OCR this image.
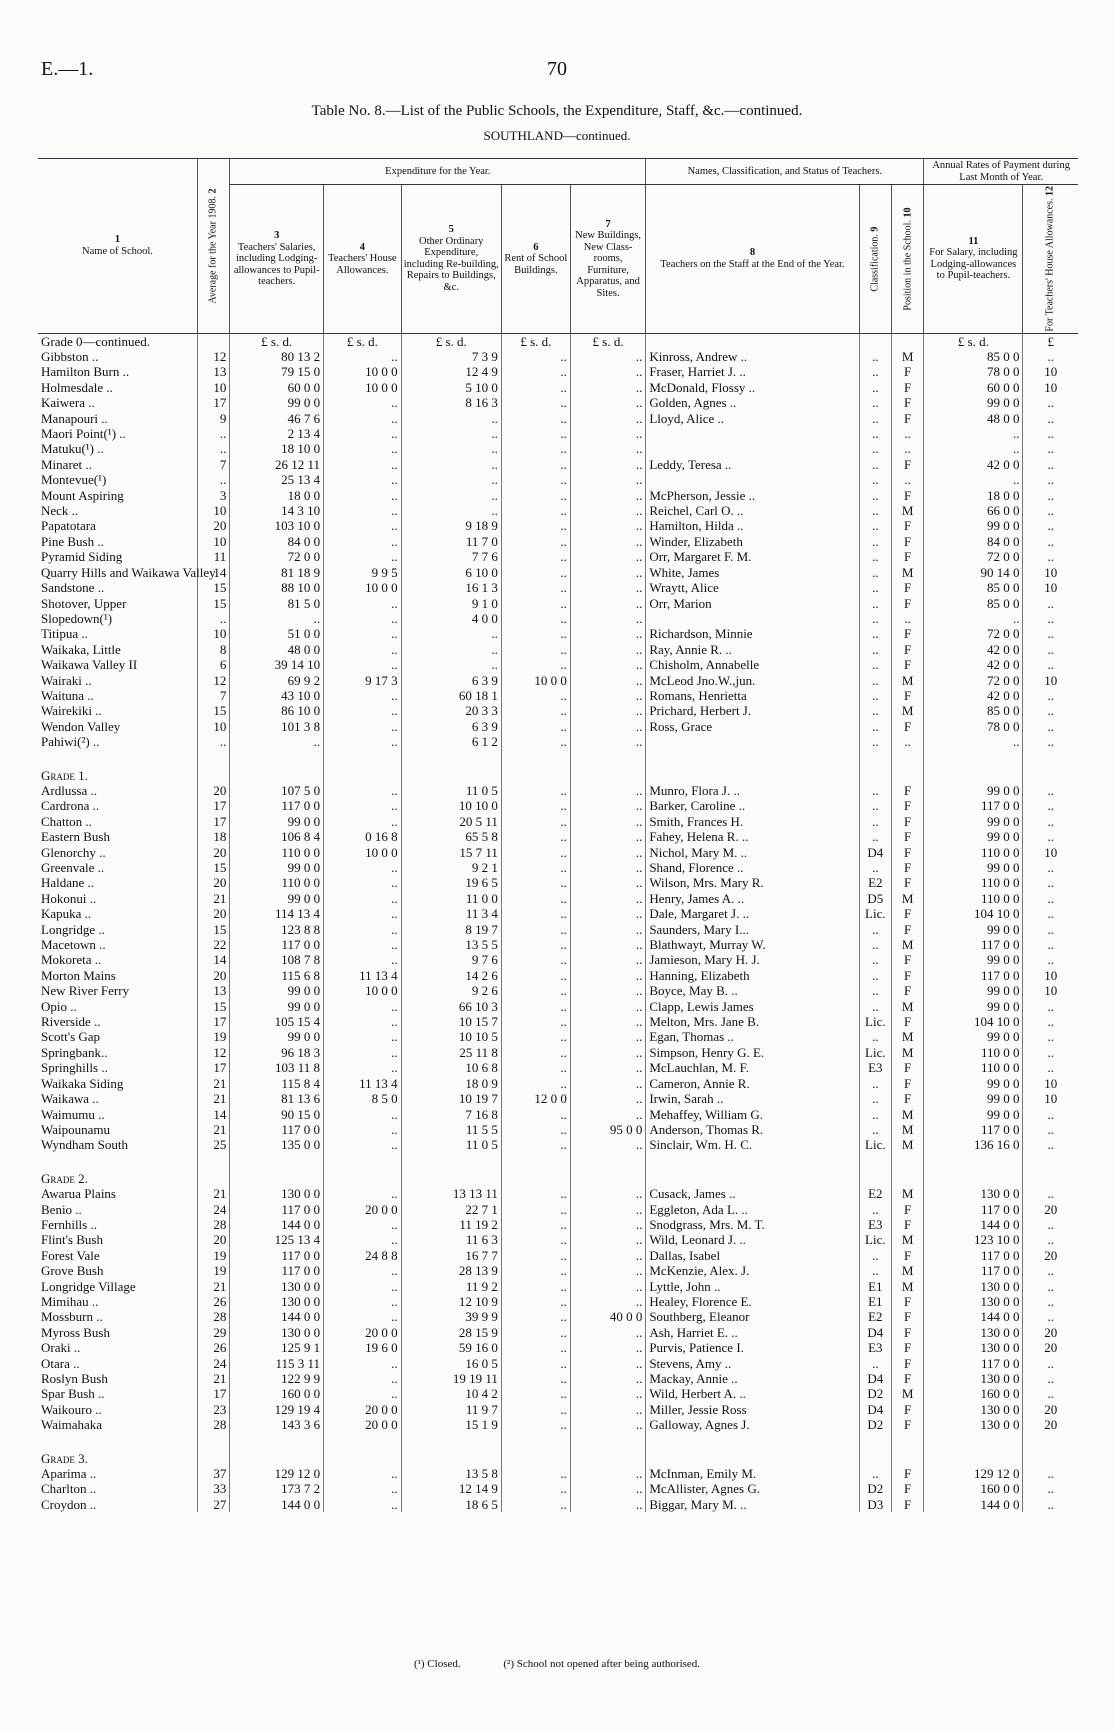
E.—1.	70
Table No. 8.—List of the Public Schools, the Expenditure, Staff, &c.—continued.
SOUTHLAND—continued.
1
Name of School.	Average for the Year 1908. 2	Expenditure for the Year.					Names, Classification, and Status of Teachers.			Annual Rates of Payment during Last Month of Year.	

		3
Teachers' Salaries, including Lodging-allowances to Pupil-teachers.	4
Teachers' House Allowances.	5
Other Ordinary Expenditure, including Re-building, Repairs to Buildings, &c.	6
Rent of School Buildings.	7
New Buildings, New Class-rooms, Furniture, Apparatus, and Sites.	8
Teachers on the Staff at the End of the Year.	Classification. 9	Position in the School. 10	11
For Salary, including Lodging-allowances to Pupil-teachers.	For Teachers' House Allowances. 12
Grade 0—continued.		£ s. d.	£ s. d.	£ s. d.	£ s. d.	£ s. d.				£ s. d.	£
Gibbston ..	12	80 13 2	..	7 3 9	..	..	Kinross, Andrew ..	..	M	85 0 0	..
Hamilton Burn ..	13	79 15 0	10 0 0	12 4 9	..	..	Fraser, Harriet J. ..	..	F	78 0 0	10
Holmesdale ..	10	60 0 0	10 0 0	5 10 0	..	..	McDonald, Flossy ..	..	F	60 0 0	10
Kaiwera ..	17	99 0 0	..	8 16 3	..	..	Golden, Agnes ..	..	F	99 0 0	..
Manapouri ..	9	46 7 6	..	..	..	..	Lloyd, Alice ..	..	F	48 0 0	..
Maori Point(¹) ..	..	2 13 4	..	..	..	..		..	..	..	..
Matuku(¹) ..	..	18 10 0	..	..	..	..		..	..	..	..
Minaret ..	7	26 12 11	..	..	..	..	Leddy, Teresa ..	..	F	42 0 0	..
Montevue(¹)	..	25 13 4	..	..	..	..		..	..	..	..
Mount Aspiring	3	18 0 0	..	..	..	..	McPherson, Jessie ..	..	F	18 0 0	..
Neck ..	10	14 3 10	..	..	..	..	Reichel, Carl O. ..	..	M	66 0 0	..
Papatotara	20	103 10 0	..	9 18 9	..	..	Hamilton, Hilda ..	..	F	99 0 0	..
Pine Bush ..	10	84 0 0	..	11 7 0	..	..	Winder, Elizabeth	..	F	84 0 0	..
Pyramid Siding	11	72 0 0	..	7 7 6	..	..	Orr, Margaret F. M.	..	F	72 0 0	..
Quarry Hills and Waikawa Valley	14	81 18 9	9 9 5	6 10 0	..	..	White, James	..	M	90 14 0	10
Sandstone ..	15	88 10 0	10 0 0	16 1 3	..	..	Wraytt, Alice	..	F	85 0 0	10
Shotover, Upper	15	81 5 0	..	9 1 0	..	..	Orr, Marion	..	F	85 0 0	..
Slopedown(¹)	..	..	..	4 0 0	..	..		..	..	..	..
Titipua ..	10	51 0 0	..	..	..	..	Richardson, Minnie	..	F	72 0 0	..
Waikaka, Little	8	48 0 0	..	..	..	..	Ray, Annie R. ..	..	F	42 0 0	..
Waikawa Valley II	6	39 14 10	..	..	..	..	Chisholm, Annabelle	..	F	42 0 0	..
Wairaki ..	12	69 9 2	9 17 3	6 3 9	10 0 0	..	McLeod Jno.W.,jun.	..	M	72 0 0	10
Waituna ..	7	43 10 0	..	60 18 1	..	..	Romans, Henrietta	..	F	42 0 0	..
Wairekiki ..	15	86 10 0	..	20 3 3	..	..	Prichard, Herbert J.	..	M	85 0 0	..
Wendon Valley	10	101 3 8	..	6 3 9	..	..	Ross, Grace	..	F	78 0 0	..
Pahiwi(²) ..	..	..	..	6 1 2	..	..		..	..	..	..

Grade 1.											
Ardlussa ..	20	107 5 0	..	11 0 5	..	..	Munro, Flora J. ..	..	F	99 0 0	..
Cardrona ..	17	117 0 0	..	10 10 0	..	..	Barker, Caroline ..	..	F	117 0 0	..
Chatton ..	17	99 0 0	..	20 5 11	..	..	Smith, Frances H.	..	F	99 0 0	..
Eastern Bush	18	106 8 4	0 16 8	65 5 8	..	..	Fahey, Helena R. ..	..	F	99 0 0	..
Glenorchy ..	20	110 0 0	10 0 0	15 7 11	..	..	Nichol, Mary M. ..	D4	F	110 0 0	10
Greenvale ..	15	99 0 0	..	9 2 1	..	..	Shand, Florence ..	..	F	99 0 0	..
Haldane ..	20	110 0 0	..	19 6 5	..	..	Wilson, Mrs. Mary R.	E2	F	110 0 0	..
Hokonui ..	21	99 0 0	..	11 0 0	..	..	Henry, James A. ..	D5	M	110 0 0	..
Kapuka ..	20	114 13 4	..	11 3 4	..	..	Dale, Margaret J. ..	Lic.	F	104 10 0	..
Longridge ..	15	123 8 8	..	8 19 7	..	..	Saunders, Mary I...	..	F	99 0 0	..
Macetown ..	22	117 0 0	..	13 5 5	..	..	Blathwayt, Murray W.	..	M	117 0 0	..
Mokoreta ..	14	108 7 8	..	9 7 6	..	..	Jamieson, Mary H. J.	..	F	99 0 0	..
Morton Mains	20	115 6 8	11 13 4	14 2 6	..	..	Hanning, Elizabeth	..	F	117 0 0	10
New River Ferry	13	99 0 0	10 0 0	9 2 6	..	..	Boyce, May B. ..	..	F	99 0 0	10
Opio ..	15	99 0 0	..	66 10 3	..	..	Clapp, Lewis James	..	M	99 0 0	..
Riverside ..	17	105 15 4	..	10 15 7	..	..	Melton, Mrs. Jane B.	Lic.	F	104 10 0	..
Scott's Gap	19	99 0 0	..	10 10 5	..	..	Egan, Thomas ..	..	M	99 0 0	..
Springbank..	12	96 18 3	..	25 11 8	..	..	Simpson, Henry G. E.	Lic.	M	110 0 0	..
Springhills ..	17	103 11 8	..	10 6 8	..	..	McLauchlan, M. F.	E3	F	110 0 0	..
Waikaka Siding	21	115 8 4	11 13 4	18 0 9	..	..	Cameron, Annie R.	..	F	99 0 0	10
Waikawa ..	21	81 13 6	8 5 0	10 19 7	12 0 0	..	Irwin, Sarah ..	..	F	99 0 0	10
Waimumu ..	14	90 15 0	..	7 16 8	..	..	Mehaffey, William G.	..	M	99 0 0	..
Waipounamu	21	117 0 0	..	11 5 5	..	95 0 0	Anderson, Thomas R.	..	M	117 0 0	..
Wyndham South	25	135 0 0	..	11 0 5	..	..	Sinclair, Wm. H. C.	Lic.	M	136 16 0	..

Grade 2.											
Awarua Plains	21	130 0 0	..	13 13 11	..	..	Cusack, James ..	E2	M	130 0 0	..
Benio ..	24	117 0 0	20 0 0	22 7 1	..	..	Eggleton, Ada L. ..	..	F	117 0 0	20
Fernhills ..	28	144 0 0	..	11 19 2	..	..	Snodgrass, Mrs. M. T.	E3	F	144 0 0	..
Flint's Bush	20	125 13 4	..	11 6 3	..	..	Wild, Leonard J. ..	Lic.	M	123 10 0	..
Forest Vale	19	117 0 0	24 8 8	16 7 7	..	..	Dallas, Isabel	..	F	117 0 0	20
Grove Bush	19	117 0 0	..	28 13 9	..	..	McKenzie, Alex. J.	..	M	117 0 0	..
Longridge Village	21	130 0 0	..	11 9 2	..	..	Lyttle, John ..	E1	M	130 0 0	..
Mimihau ..	26	130 0 0	..	12 10 9	..	..	Healey, Florence E.	E1	F	130 0 0	..
Mossburn ..	28	144 0 0	..	39 9 9	..	40 0 0	Southberg, Eleanor	E2	F	144 0 0	..
Myross Bush	29	130 0 0	20 0 0	28 15 9	..	..	Ash, Harriet E. ..	D4	F	130 0 0	20
Oraki ..	26	125 9 1	19 6 0	59 16 0	..	..	Purvis, Patience I.	E3	F	130 0 0	20
Otara ..	24	115 3 11	..	16 0 5	..	..	Stevens, Amy ..	..	F	117 0 0	..
Roslyn Bush	21	122 9 9	..	19 19 11	..	..	Mackay, Annie ..	D4	F	130 0 0	..
Spar Bush ..	17	160 0 0	..	10 4 2	..	..	Wild, Herbert A. ..	D2	M	160 0 0	..
Waikouro ..	23	129 19 4	20 0 0	11 9 7	..	..	Miller, Jessie Ross	D4	F	130 0 0	20
Waimahaka	28	143 3 6	20 0 0	15 1 9	..	..	Galloway, Agnes J.	D2	F	130 0 0	20

Grade 3.											
Aparima ..	37	129 12 0	..	13 5 8	..	..	McInman, Emily M.	..	F	129 12 0	..
Charlton ..	33	173 7 2	..	12 14 9	..	..	McAllister, Agnes G.	D2	F	160 0 0	..
Croydon ..	27	144 0 0	..	18 6 5	..	..	Biggar, Mary M. ..	D3	F	144 0 0	..
(¹) Closed.	(²) School not opened after being authorised.
